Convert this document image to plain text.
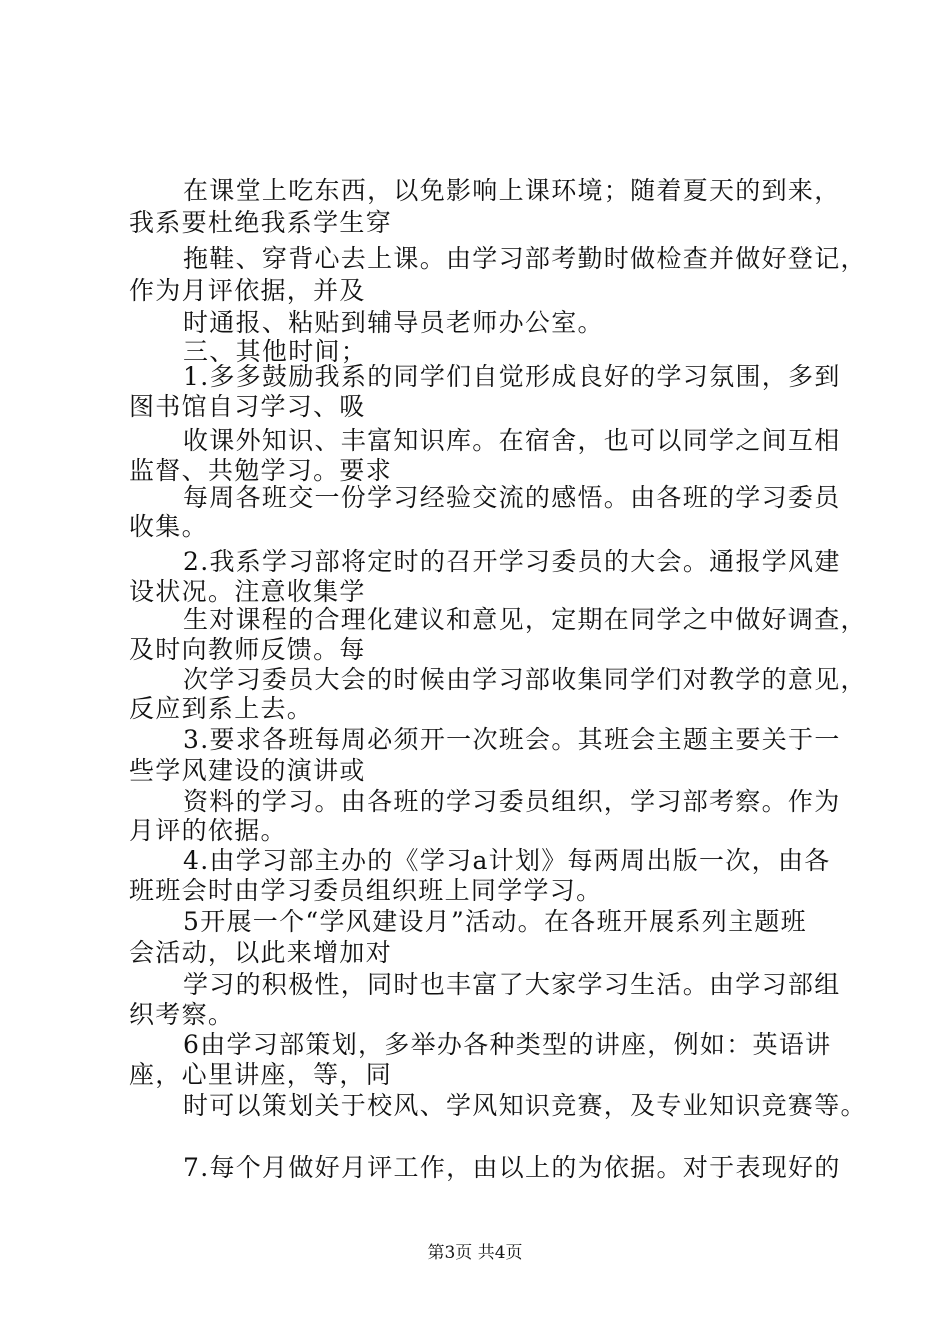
在课堂上吃东西，以免影响上课环境；随着夏天的到来，
我系要杜绝我系学生穿
拖鞋、穿背心去上课。由学习部考勤时做检查并做好登记，
作为月评依据，并及
时通报、粘贴到辅导员老师办公室。
三、其他时间；
1.多多鼓励我系的同学们自觉形成良好的学习氛围，多到
图书馆自习学习、吸
收课外知识、丰富知识库。在宿舍，也可以同学之间互相
监督、共勉学习。要求
每周各班交一份学习经验交流的感悟。由各班的学习委员
收集。
2.我系学习部将定时的召开学习委员的大会。通报学风建
设状况。注意收集学
生对课程的合理化建议和意见，定期在同学之中做好调查，
及时向教师反馈。每
次学习委员大会的时候由学习部收集同学们对教学的意见，
反应到系上去。
3.要求各班每周必须开一次班会。其班会主题主要关于一
些学风建设的演讲或
资料的学习。由各班的学习委员组织，学习部考察。作为
月评的依据。
4.由学习部主办的《学习a计划》每两周出版一次，由各
班班会时由学习委员组织班上同学学习。
5开展一个“学风建设月”活动。在各班开展系列主题班
会活动，以此来增加对
学习的积极性，同时也丰富了大家学习生活。由学习部组
织考察。
6由学习部策划，多举办各种类型的讲座，例如：英语讲
座，心里讲座，等，同
时可以策划关于校风、学风知识竞赛，及专业知识竞赛等。
7.每个月做好月评工作，由以上的为依据。对于表现好的
第3页 共4页
